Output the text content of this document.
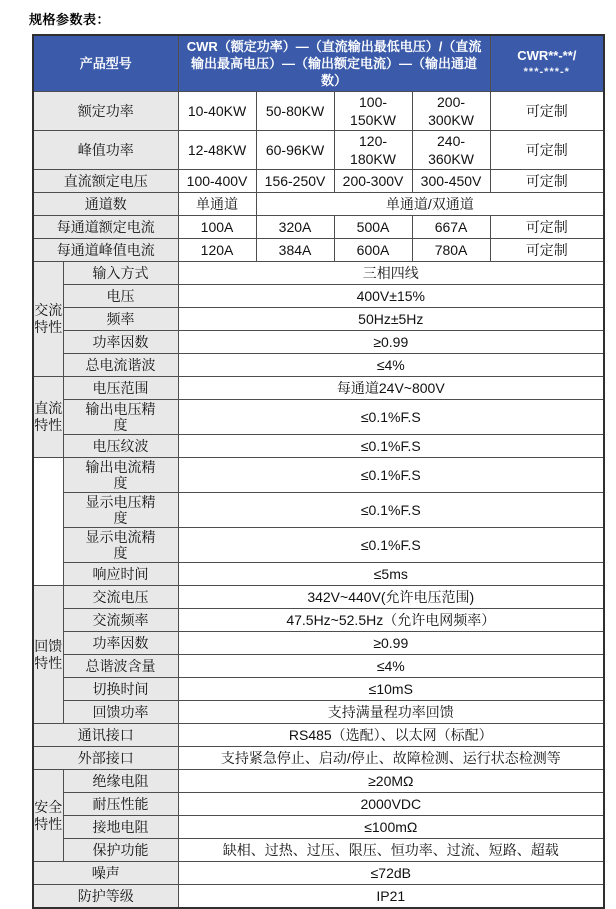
规格参数表：
产品型号		CWR（额定功率）—（直流输出最低电压）/（直流输出最高电压）—（输出额定电流）—（输出通道数）				CWR**-**/
***-***-*

额定功率		10-40KW	50-80KW	100-150KW	200-300KW	可定制
峰值功率		12-48KW	60-96KW	120-180KW	240-360KW	可定制
直流额定电压		100-400V	156-250V	200-300V	300-450V	可定制
通道数		单通道	单通道/双通道			
每通道额定电流		100A	320A	500A	667A	可定制
每通道峰值电流		120A	384A	600A	780A	可定制
交流特性	输入方式	三相四线				
	电压	400V±15%				
	频率	50Hz±5Hz				
	功率因数	≥0.99				
	总电流谐波	≤4%				
直流特性	电压范围	每通道24V~800V				
	输出电压精度	≤0.1%F.S				
	电压纹波	≤0.1%F.S				
	输出电流精度	≤0.1%F.S				
	显示电压精度	≤0.1%F.S				
	显示电流精度	≤0.1%F.S				
	响应时间	≤5ms				
回馈特性	交流电压	342V~440V(允许电压范围)				
	交流频率	47.5Hz~52.5Hz（允许电网频率）				
	功率因数	≥0.99				
	总谐波含量	≤4%				
	切换时间	≤10mS				
	回馈功率	支持满量程功率回馈				
通讯接口		RS485（选配）、以太网（标配）				
外部接口		支持紧急停止、启动/停止、故障检测、运行状态检测等				
安全特性	绝缘电阻	≥20MΩ				
	耐压性能	2000VDC				
	接地电阻	≤100mΩ				
	保护功能	缺相、过热、过压、限压、恒功率、过流、短路、超载				
噪声		≤72dB				
防护等级		IP21				
